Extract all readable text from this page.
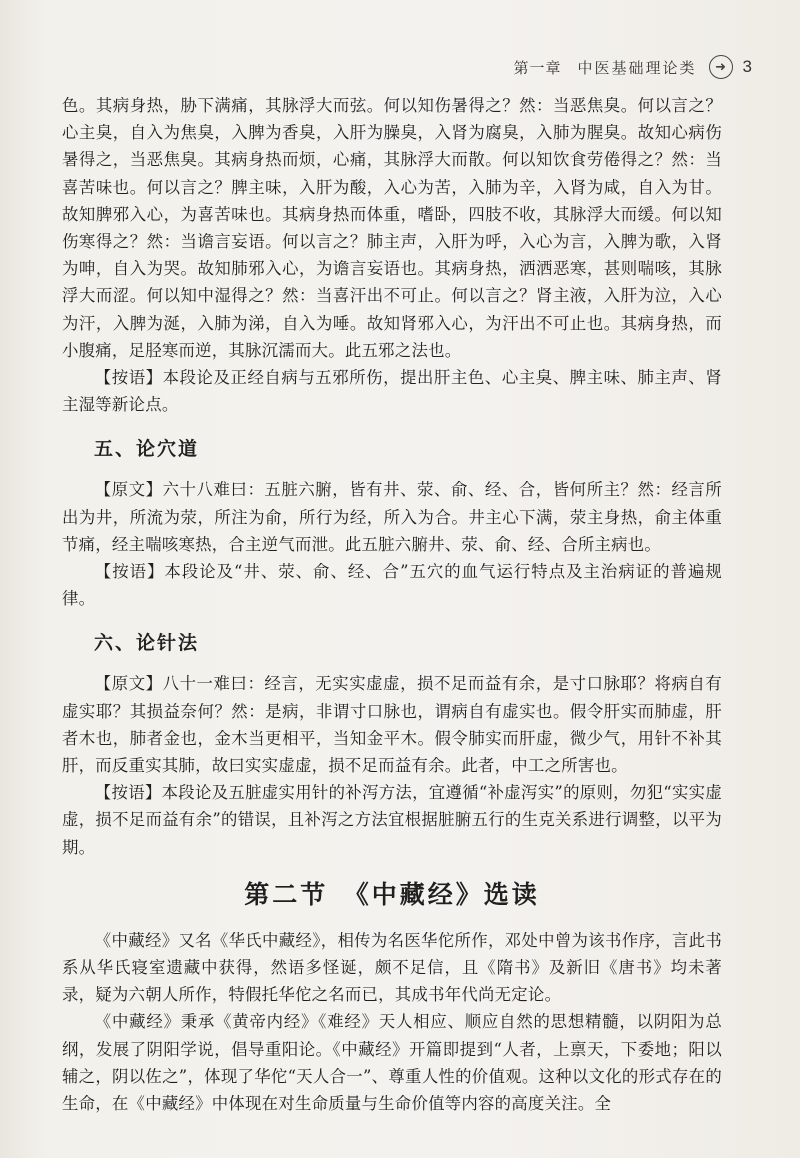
第一章 中医基础理论类	➜ 3

色。其病身热，胁下满痛，其脉浮大而弦。何以知伤暑得之？然：当恶焦臭。何以言之？心主臭，自入为焦臭，入脾为香臭，入肝为臊臭，入肾为腐臭，入肺为腥臭。故知心病伤暑得之，当恶焦臭。其病身热而烦，心痛，其脉浮大而散。何以知饮食劳倦得之？然：当喜苦味也。何以言之？脾主味，入肝为酸，入心为苦，入肺为辛，入肾为咸，自入为甘。故知脾邪入心，为喜苦味也。其病身热而体重，嗜卧，四肢不收，其脉浮大而缓。何以知伤寒得之？然：当谵言妄语。何以言之？肺主声，入肝为呼，入心为言，入脾为歌，入肾为呻，自入为哭。故知肺邪入心，为谵言妄语也。其病身热，洒洒恶寒，甚则喘咳，其脉浮大而涩。何以知中湿得之？然：当喜汗出不可止。何以言之？肾主液，入肝为泣，入心为汗，入脾为涎，入肺为涕，自入为唾。故知肾邪入心，为汗出不可止也。其病身热，而小腹痛，足胫寒而逆，其脉沉濡而大。此五邪之法也。

【按语】本段论及正经自病与五邪所伤，提出肝主色、心主臭、脾主味、肺主声、肾主湿等新论点。

五、论穴道

【原文】六十八难曰：五脏六腑，皆有井、荥、俞、经、合，皆何所主？然：经言所出为井，所流为荥，所注为俞，所行为经，所入为合。井主心下满，荥主身热，俞主体重节痛，经主喘咳寒热，合主逆气而泄。此五脏六腑井、荥、俞、经、合所主病也。

【按语】本段论及“井、荥、俞、经、合”五穴的血气运行特点及主治病证的普遍规律。

六、论针法

【原文】八十一难曰：经言，无实实虚虚，损不足而益有余，是寸口脉耶？将病自有虚实耶？其损益奈何？然：是病，非谓寸口脉也，谓病自有虚实也。假令肝实而肺虚，肝者木也，肺者金也，金木当更相平，当知金平木。假令肺实而肝虚，微少气，用针不补其肝，而反重实其肺，故曰实实虚虚，损不足而益有余。此者，中工之所害也。

【按语】本段论及五脏虚实用针的补泻方法，宜遵循“补虚泻实”的原则，勿犯“实实虚虚，损不足而益有余”的错误，且补泻之方法宜根据脏腑五行的生克关系进行调整，以平为期。

第二节　《中藏经》选读

《中藏经》又名《华氏中藏经》，相传为名医华佗所作，邓处中曾为该书作序，言此书系从华氏寝室遗藏中获得，然语多怪诞，颇不足信，且《隋书》及新旧《唐书》均未著录，疑为六朝人所作，特假托华佗之名而已，其成书年代尚无定论。

《中藏经》秉承《黄帝内经》《难经》天人相应、顺应自然的思想精髓，以阴阳为总纲，发展了阴阳学说，倡导重阳论。《中藏经》开篇即提到“人者，上禀天，下委地；阳以辅之，阴以佐之”，体现了华佗“天人合一”、尊重人性的价值观。这种以文化的形式存在的生命，在《中藏经》中体现在对生命质量与生命价值等内容的高度关注。全
